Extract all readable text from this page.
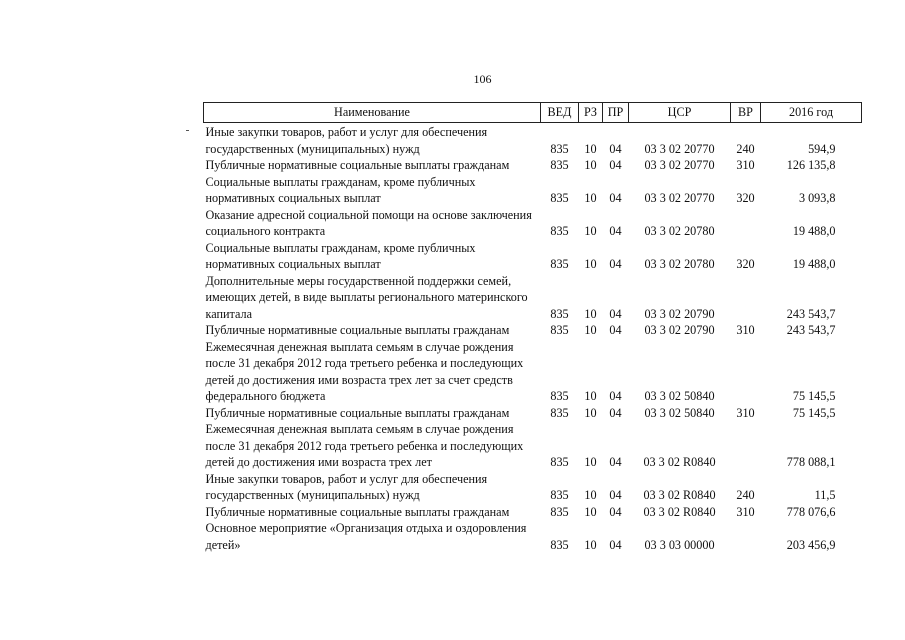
106
Наименование	ВЕД	РЗ	ПР	ЦСР	ВР	2016 год
Иные закупки товаров, работ и услуг для обеспечения государственных (муниципальных) нужд	835	10	04	03 3 02 20770	240	594,9
Публичные нормативные социальные выплаты гражданам	835	10	04	03 3 02 20770	310	126 135,8
Социальные выплаты гражданам, кроме публичных нормативных социальных выплат	835	10	04	03 3 02 20770	320	3 093,8
Оказание адресной социальной помощи на основе заключения социального контракта	835	10	04	03 3 02 20780		19 488,0
Социальные выплаты гражданам, кроме публичных нормативных социальных выплат	835	10	04	03 3 02 20780	320	19 488,0
Дополнительные меры государственной поддержки семей, имеющих детей, в виде выплаты регионального материнского капитала	835	10	04	03 3 02 20790		243 543,7
Публичные нормативные социальные выплаты гражданам	835	10	04	03 3 02 20790	310	243 543,7
Ежемесячная денежная выплата семьям в случае рождения после 31 декабря 2012 года третьего ребенка и последующих детей до достижения ими возраста трех лет за счет средств федерального бюджета	835	10	04	03 3 02 50840		75 145,5
Публичные нормативные социальные выплаты гражданам	835	10	04	03 3 02 50840	310	75 145,5
Ежемесячная денежная выплата семьям в случае рождения после 31 декабря 2012 года третьего ребенка и последующих детей до достижения ими возраста трех лет	835	10	04	03 3 02 R0840		778 088,1
Иные закупки товаров, работ и услуг для обеспечения государственных (муниципальных) нужд	835	10	04	03 3 02 R0840	240	11,5
Публичные нормативные социальные выплаты гражданам	835	10	04	03 3 02 R0840	310	778 076,6
Основное мероприятие «Организация отдыха и оздоровления детей»	835	10	04	03 3 03 00000		203 456,9
